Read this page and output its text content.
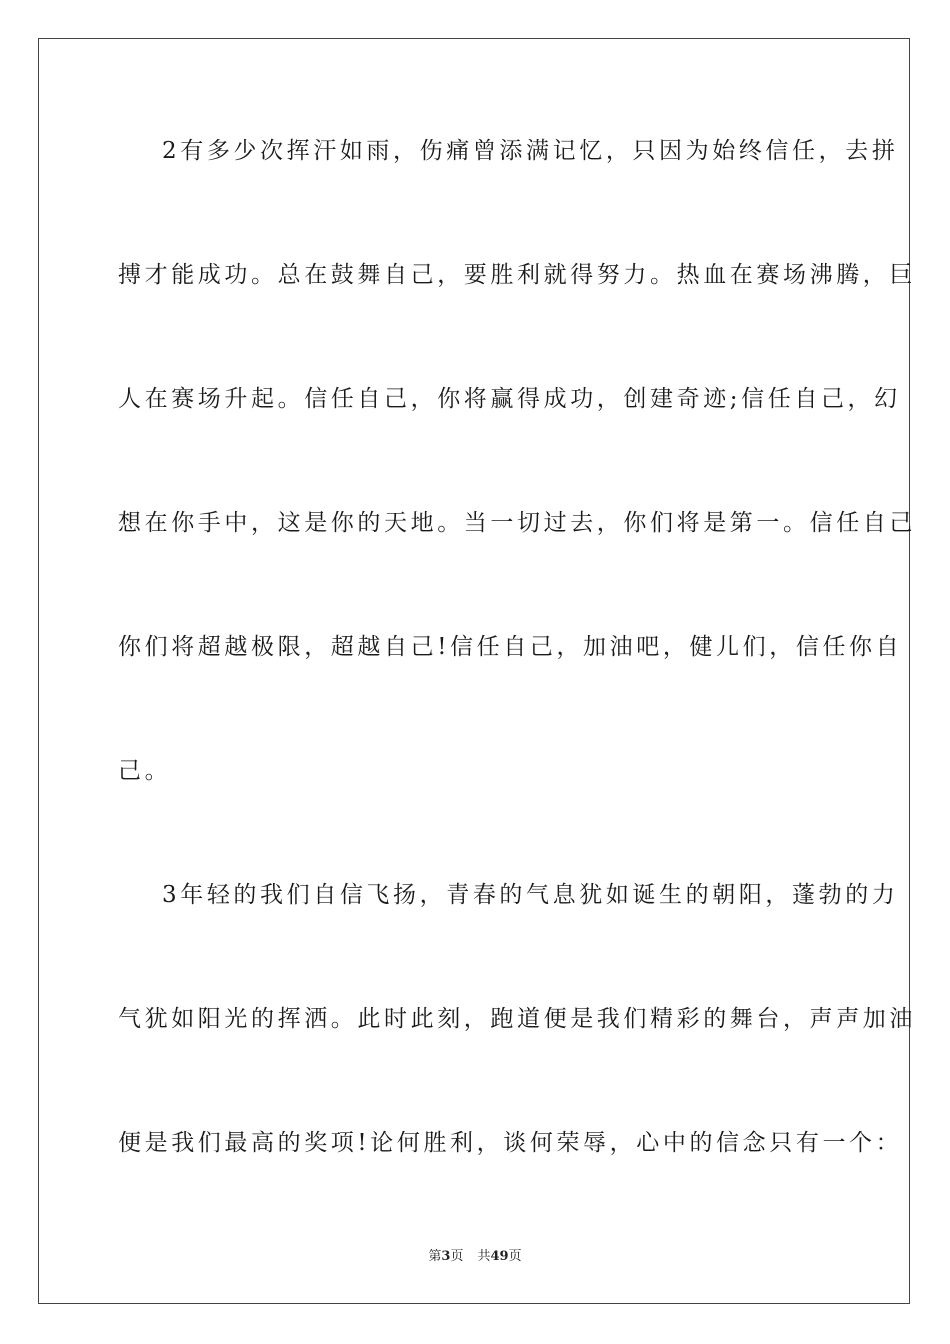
2有多少次挥汗如雨，伤痛曾添满记忆，只因为始终信任，去拼
搏才能成功。总在鼓舞自己，要胜利就得努力。热血在赛场沸腾，巨
人在赛场升起。信任自己，你将赢得成功，创建奇迹;信任自己，幻
想在你手中，这是你的天地。当一切过去，你们将是第一。信任自己
你们将超越极限，超越自己!信任自己，加油吧，健儿们，信任你自
己。
3年轻的我们自信飞扬，青春的气息犹如诞生的朝阳，蓬勃的力
气犹如阳光的挥洒。此时此刻，跑道便是我们精彩的舞台，声声加油
便是我们最高的奖项!论何胜利，谈何荣辱，心中的信念只有一个：
第3页 共49页
